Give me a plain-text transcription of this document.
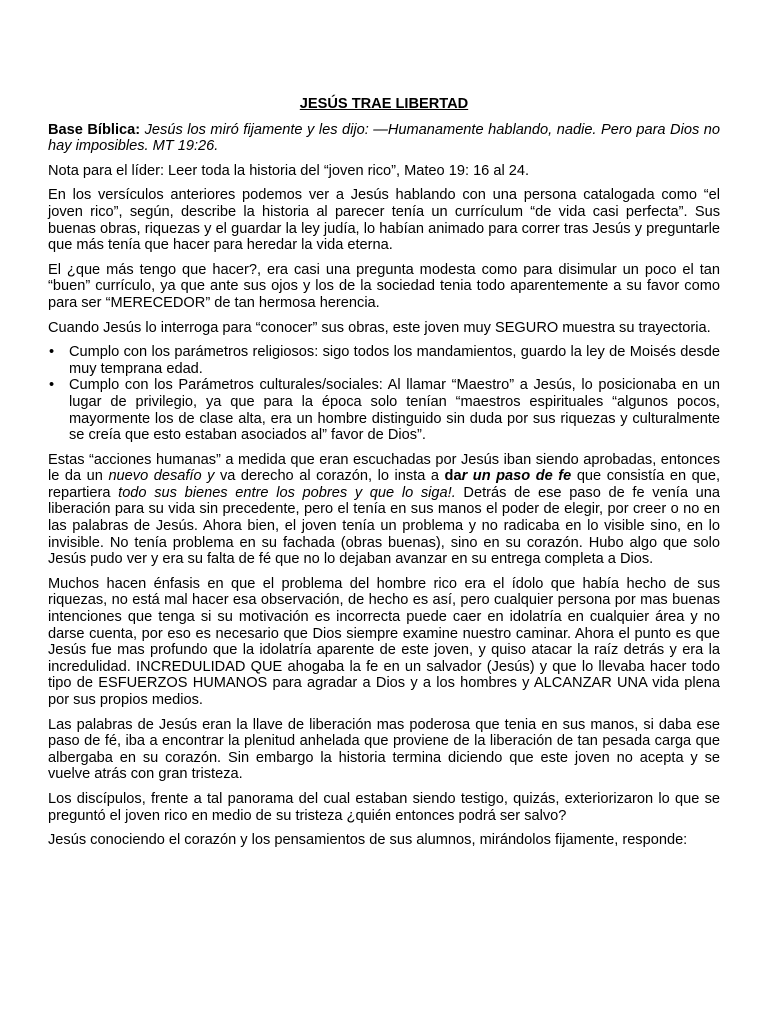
JESÚS TRAE LIBERTAD

Base Bíblica: Jesús los miró fijamente y les dijo: —Humanamente hablando, nadie. Pero para Dios no hay imposibles. MT 19:26.

Nota para el líder: Leer toda la historia del “joven rico”, Mateo 19: 16 al 24.

En los versículos anteriores podemos ver a Jesús hablando con una persona catalogada como “el joven rico”, según, describe la historia al parecer tenía un currículum “de vida casi perfecta”. Sus buenas obras, riquezas y el guardar la ley judía, lo habían animado para correr tras Jesús y preguntarle que más tenía que hacer para heredar la vida eterna.

El ¿que más tengo que hacer?, era casi una pregunta modesta como para disimular un poco el tan “buen” currículo, ya que ante sus ojos y los de la sociedad tenia todo aparentemente a su favor como para ser “MERECEDOR” de tan hermosa herencia.

Cuando Jesús lo interroga para “conocer” sus obras, este joven muy SEGURO muestra su trayectoria.

• Cumplo con los parámetros religiosos: sigo todos los mandamientos, guardo la ley de Moisés desde muy temprana edad.
• Cumplo con los Parámetros culturales/sociales: Al llamar “Maestro” a Jesús, lo posicionaba en un lugar de privilegio, ya que para la época solo tenían “maestros espirituales “algunos pocos, mayormente los de clase alta, era un hombre distinguido sin duda por sus riquezas y culturalmente se creía que esto estaban asociados al” favor de Dios”.

Estas “acciones humanas” a medida que eran escuchadas por Jesús iban siendo aprobadas, entonces le da un nuevo desafío y va derecho al corazón, lo insta a dar un paso de fe que consistía en que, repartiera todo sus bienes entre los pobres y que lo siga!. Detrás de ese paso de fe venía una liberación para su vida sin precedente, pero el tenía en sus manos el poder de elegir, por creer o no en las palabras de Jesús. Ahora bien, el joven tenía un problema y no radicaba en lo visible sino, en lo invisible. No tenía problema en su fachada (obras buenas), sino en su corazón. Hubo algo que solo Jesús pudo ver y era su falta de fé que no lo dejaban avanzar en su entrega completa a Dios.

Muchos hacen énfasis en que el problema del hombre rico era el ídolo que había hecho de sus riquezas, no está mal hacer esa observación, de hecho es así, pero cualquier persona por mas buenas intenciones que tenga si su motivación es incorrecta puede caer en idolatría en cualquier área y no darse cuenta, por eso es necesario que Dios siempre examine nuestro caminar. Ahora el punto es que Jesús fue mas profundo que la idolatría aparente de este joven, y quiso atacar la raíz detrás y era la incredulidad. INCREDULIDAD QUE ahogaba la fe en un salvador (Jesús) y que lo llevaba hacer todo tipo de ESFUERZOS HUMANOS para agradar a Dios y a los hombres y ALCANZAR UNA vida plena por sus propios medios.

Las palabras de Jesús eran la llave de liberación mas poderosa que tenia en sus manos, si daba ese paso de fé, iba a encontrar la plenitud anhelada que proviene de la liberación de tan pesada carga que albergaba en su corazón. Sin embargo la historia termina diciendo que este joven no acepta y se vuelve atrás con gran tristeza.

Los discípulos, frente a tal panorama del cual estaban siendo testigo, quizás, exteriorizaron lo que se preguntó el joven rico en medio de su tristeza ¿quién entonces podrá ser salvo?

Jesús conociendo el corazón y los pensamientos de sus alumnos, mirándolos fijamente, responde:
